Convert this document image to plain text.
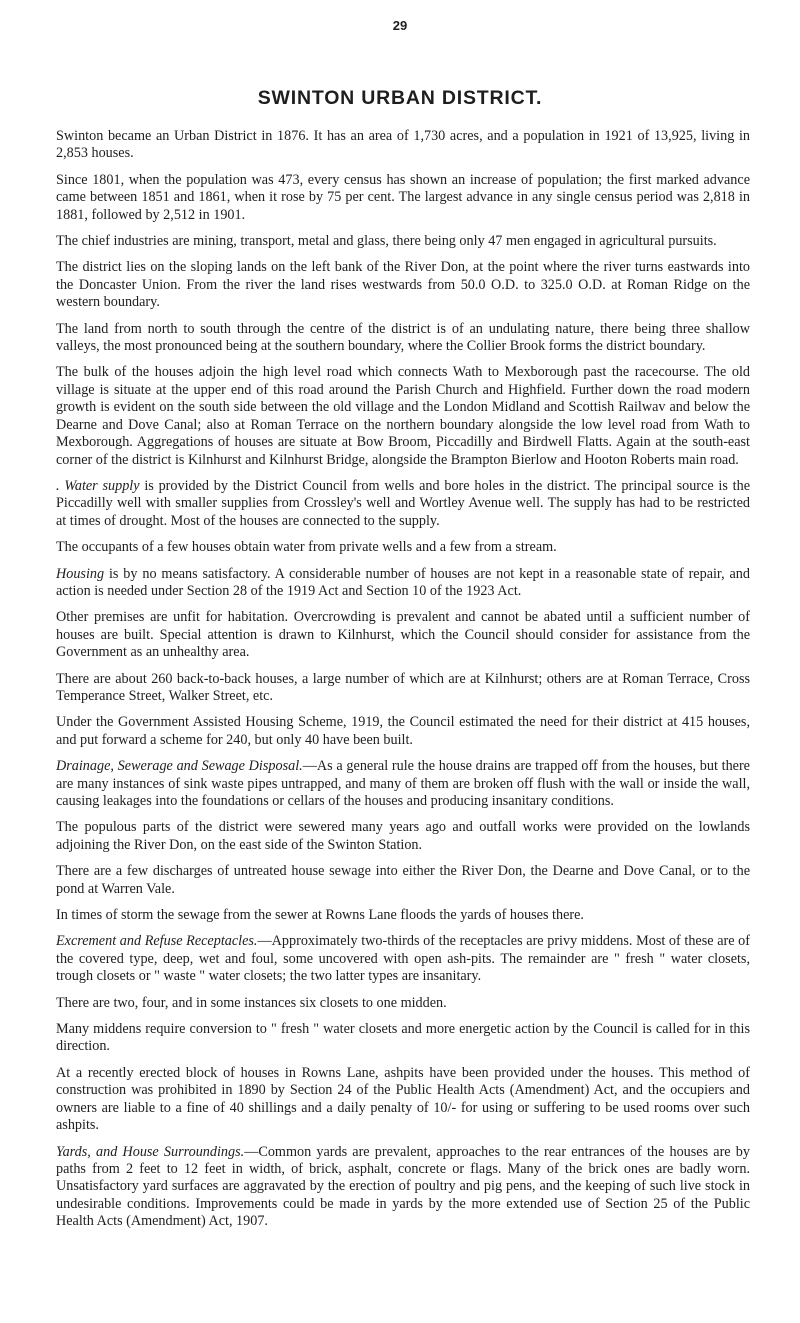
29
SWINTON URBAN DISTRICT.

Swinton became an Urban District in 1876. It has an area of 1,730 acres, and a population in 1921 of 13,925, living in 2,853 houses.

Since 1801, when the population was 473, every census has shown an increase of population; the first marked advance came between 1851 and 1861, when it rose by 75 per cent. The largest advance in any single census period was 2,818 in 1881, followed by 2,512 in 1901.

The chief industries are mining, transport, metal and glass, there being only 47 men engaged in agricultural pursuits.

The district lies on the sloping lands on the left bank of the River Don, at the point where the river turns eastwards into the Doncaster Union. From the river the land rises westwards from 50.0 O.D. to 325.0 O.D. at Roman Ridge on the western boundary.

The land from north to south through the centre of the district is of an undulating nature, there being three shallow valleys, the most pronounced being at the southern boundary, where the Collier Brook forms the district boundary.

The bulk of the houses adjoin the high level road which connects Wath to Mexborough past the racecourse. The old village is situate at the upper end of this road around the Parish Church and Highfield. Further down the road modern growth is evident on the south side between the old village and the London Midland and Scottish Railwav and below the Dearne and Dove Canal; also at Roman Terrace on the northern boundary alongside the low level road from Wath to Mexborough. Aggregations of houses are situate at Bow Broom, Piccadilly and Birdwell Flatts. Again at the south-east corner of the district is Kilnhurst and Kilnhurst Bridge, alongside the Brampton Bierlow and Hooton Roberts main road.

. Water supply is provided by the District Council from wells and bore holes in the district. The principal source is the Piccadilly well with smaller supplies from Crossley's well and Wortley Avenue well. The supply has had to be restricted at times of drought. Most of the houses are connected to the supply.

The occupants of a few houses obtain water from private wells and a few from a stream.

Housing is by no means satisfactory. A considerable number of houses are not kept in a reasonable state of repair, and action is needed under Section 28 of the 1919 Act and Section 10 of the 1923 Act.

Other premises are unfit for habitation. Overcrowding is prevalent and cannot be abated until a sufficient number of houses are built. Special attention is drawn to Kilnhurst, which the Council should consider for assistance from the Government as an unhealthy area.

There are about 260 back-to-back houses, a large number of which are at Kilnhurst; others are at Roman Terrace, Cross Temperance Street, Walker Street, etc.

Under the Government Assisted Housing Scheme, 1919, the Council estimated the need for their district at 415 houses, and put forward a scheme for 240, but only 40 have been built.

Drainage, Sewerage and Sewage Disposal.—As a general rule the house drains are trapped off from the houses, but there are many instances of sink waste pipes untrapped, and many of them are broken off flush with the wall or inside the wall, causing leakages into the foundations or cellars of the houses and producing insanitary conditions.

The populous parts of the district were sewered many years ago and outfall works were provided on the lowlands adjoining the River Don, on the east side of the Swinton Station.

There are a few discharges of untreated house sewage into either the River Don, the Dearne and Dove Canal, or to the pond at Warren Vale.

In times of storm the sewage from the sewer at Rowns Lane floods the yards of houses there.

Excrement and Refuse Receptacles.—Approximately two-thirds of the receptacles are privy middens. Most of these are of the covered type, deep, wet and foul, some uncovered with open ash-pits. The remainder are " fresh " water closets, trough closets or " waste " water closets; the two latter types are insanitary.

There are two, four, and in some instances six closets to one midden.

Many middens require conversion to " fresh " water closets and more energetic action by the Council is called for in this direction.

At a recently erected block of houses in Rowns Lane, ashpits have been provided under the houses. This method of construction was prohibited in 1890 by Section 24 of the Public Health Acts (Amendment) Act, and the occupiers and owners are liable to a fine of 40 shillings and a daily penalty of 10/- for using or suffering to be used rooms over such ashpits.

Yards, and House Surroundings.—Common yards are prevalent, approaches to the rear entrances of the houses are by paths from 2 feet to 12 feet in width, of brick, asphalt, concrete or flags. Many of the brick ones are badly worn. Unsatisfactory yard surfaces are aggravated by the erection of poultry and pig pens, and the keeping of such live stock in undesirable conditions. Improvements could be made in yards by the more extended use of Section 25 of the Public Health Acts (Amendment) Act, 1907.
